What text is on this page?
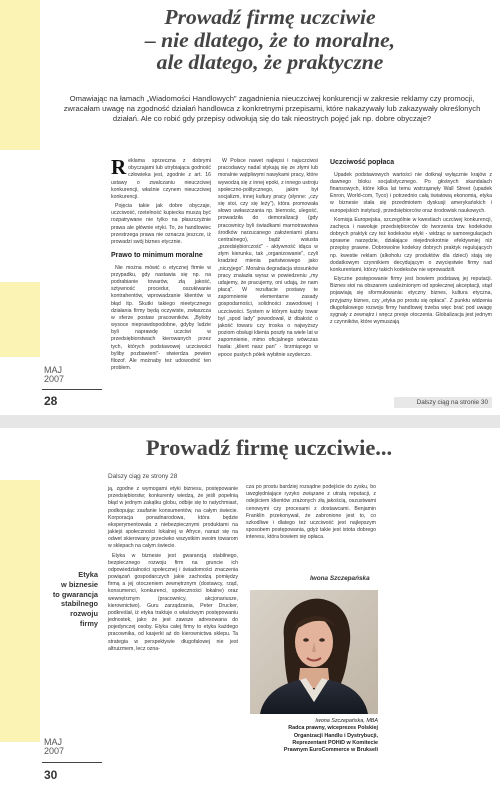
Prowadź firmę uczciwie
– nie dlatego, że to moralne,
ale dlatego, że praktyczne

Omawiając na łamach „Wiadomości Handlowych" zagadnienia nieuczciwej konkurencji w zakresie reklamy czy promocji, zwracałam uwagę na zgodność działań handlowca z konkretnymi przepisami, które nakazywały lub zakazywały określonych działań. Ale co robić gdy przepisy odwołują się do tak nieostrych pojęć jak np. dobre obyczaje?

Reklama sprzeczna z dobrymi obyczajami lub utrybiająca godność człowieka jest, zgodnie z art. 16 ustawy o zwalczaniu nieuczciwej konkurencji, właśnie czynem nieuczciwej konkurencji.

Pojęcia takie jak dobre obyczaje, uczciwość, rzetelność kupiecka muszą być rozpatrywane nie tylko na płaszczyźnie prawa ale głównie etyki. To, że handlowiec przestrzega prawa nie oznacza jeszcze, iż prowadzi swój biznes etycznie.

Prawo to minimum moralne

Nie można mówić o etycznej firmie w przypadku, gdy nastawia się np. na podrabianie towarów, złą jakość, sztywność procedur, oszukiwanie kontrahentów, wprowadzanie klientów w błąd itp. Skutki takiego nieetycznego działania firmy będą oczywiste, zwłaszcza w sferze postaw pracowników. „Byłoby wysoce nieprawdopodobne, gdyby ludzie byli naprawdę uczciwi w przedsiębiorstwach kierowanych przez tych, których podstawowej uczciwości byliby pozbawieni"- stwierdza pewien filozof. Ale możnaby też udowodnić ten problem.

W Polsce nawet najlepsi i najuczciwsi pracodawcy nadal stykają się ze złymi lub moralnie wątpliwymi nawykami pracy, które wywodzą się z innej epoki, z innego ustroju społeczno-politycznego, jakim był socjalizm, innej kultury pracy (słynne: „czy się stoi, czy się leży"), która promowała słowo uwłaszczania np. biernośc, ulegość, prowadziła do demoralizacji (gdy pracownicy byli świadkami marnotrawstwa środków narzucanego założeniami planu centralnego), bądź wsiusta „przedsiębiorczość" - aktywność idąca w złym kierunku, tak „organizowanie", czyli kradzież mienia państwowego jako „niczyjego". Moralna degradacja stosunków pracy znalazła wyraz w powiedzeniu „my udajemy, że pracujemy, oni udają, że nam płacą". W rezultacie postawy te zapomnienie elementarne zasady gospodarności, solidności zawodowej i uczciwości. System w którym każdy towar był „spod lady" powodował, iż dbałość o jakość towaru czy troska o najwyższy poziom obsługi klienta poszły na wiele lat w zapomnienie, mimo oficjalnego wówczas hasła: „klient nasz pan" - brzmiącego w epoce pustych półek wybitnie szyderczo.

Uczciwość popłaca

Upadek podstawowych wartości nie dotknął wyłącznie krajów z dawnego bloku socjalistycznego. Po głośnych skandalach finansowych, które kilka lat temu wstrząsnęły Wall Street (upadek Enron, World-com, Tyco) i potrzednio całą światową ekonomią, etyka w biznesie stała się przedmiotem dyskusji amerykańskich i europejskich instytucji, przedsiębiorców oraz środowisk naukowych.

Komisja Europejska, szczególnie w kwestiach uczciwej konkurencji, zachęca i nawołuje przedsiębiorców do tworzenia tzw. kodeksów dobrych praktyk czy też kodeksów etyki - widząc w samoregulacjach sprawne narzędzie, działające niejednokrotnie efektywniej niż przepisy prawne. Dobrowolne kodeksy dobrych praktyk regulujących np. kwestie reklam (alkoholu czy produktów dla dzieci) stają się dodatkowym czynnikiem decydującym o zwycięstwie firmy nad konkurentami, którzy takich kodeksów nie wprowadzili.

Etyczne postępowanie firmy jest bowiem podstawą jej reputacji. Biznes stoi na obszarem uzależnionym od społecznej akceptacji, stąd pojawiają się sformułowania: etyczny biznes, kultura etyczna, przyjazny biznes, czy „etyka po prostu się opłaca". Z punktu widzenia długofalowego rozwoju firmy handlowej trzeba więc brać pod uwagę sygnały z zewnątrz i wręcz presje otoczenia. Globalizacja jest jednym z czynników, które wymuszają

MAJ
2007
28	Dalszy ciąg na stronie 30
Prowadź firmę uczciwie...
Dalszy ciąg ze strony 28
Etyka
w biznesie
to gwarancja
stabilnego
rozwoju
firmy

ją, zgodne z wymogami etyki biznesu, postępowanie przedsiębiorstw; konkurenty wiedzą, że jeśli popełnią błąd w jednym zakątku globu, odbije się to natychmiast, podkopując zaufanie konsumentów, na całym świecie. Korporacja ponadnarodowa, która będzie eksperymentowała z niebezpiecznymi produktami na jakiejś społeczności lokalnej w Afryce, narazi się na odwet skierowany przeciwko wszystkim swoim towarom w sklepach na całym świecie.

Etyka w biznesie jest gwarancją stabilnego, bezpiecznego rozwoju firm na gruncie ich odpowiedzialności społecznej i świadomości znaczenia powiązań gospodarczych jakie zachodzą pomiędzy firmą a jej otoczeniem zewnętrznym (dostawcy, rząd, konsumenci, konkurenci, społeczności lokalne) oraz wewnętrznym (pracownicy, akcjonariusze, kierownictwo). Guru zarządzania, Peter Drucker, podkreślał, iż etyka traktuje o właściwym postępowaniu jednostek, jako że jest zawsze adresowana do pojedynczej osoby. Etyka całej firmy to etyka każdego pracownika, od kasjerki aż do kierownictwa sklepu. Ta strategia w perspektywie długofalowej nie jest altruizmem, lecz ozna-

cza po prostu bardziej rozsądne podejście do zysku, bo uwzględniające ryzyko związane z utratą reputacji, z odejściem klientów zrażonych złą jakością, oszustwami cenowymi czy procesami z dostawcami. Benjamin Franklin przekonywał, że zabronione jest to, co szkodliwe i dlatego też uczciwość jest najlepszym sposobem postępowania, gdyż takie jest istota dobrego interesu, która bowiem się opłaca.

Iwona Szczepańska
Iwona Szczepańska, MBA
Radca prawny, wiceprezes Polskiej
Organizacji Handlu i Dystrybucji,
Reprezentant POHiD w Komitecie
Prawnym EuroCommerce w Brukseli
MAJ
2007
30
